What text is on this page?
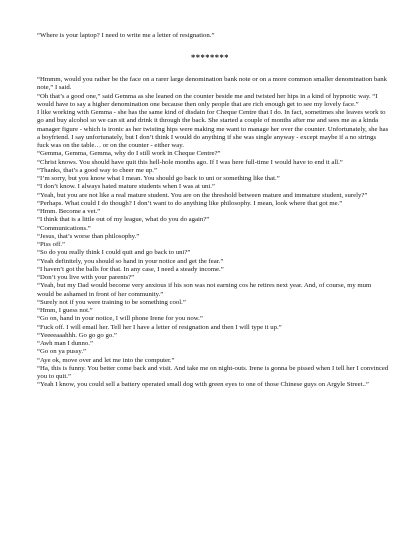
“Where is your laptop? I need to write me a letter of resignation.”

********

“Hmmm, would you rather be the face on a rarer large denomination bank note or on a more common smaller denomination bank note,” I said.

“Oh that’s a good one,” said Gemma as she leaned on the counter beside me and twisted her hips in a kind of hypnotic way. “I would have to say a higher denomination one because then only people that are rich enough get to see my lovely face.”

I like working with Gemma - she has the same kind of disdain for Cheque Centre that I do. In fact, sometimes she leaves work to go and buy alcohol so we can sit and drink it through the back. She started a couple of months after me and sees me as a kinda manager figure - which is ironic as her twisting hips were making me want to manage her over the counter. Unfortunately, she has a boyfriend. I say unfortunately, but I don’t think I would do anything if she was single anyway - except maybe if a no strings fuck was on the table… or on the counter - either way.

“Gemma, Gemma, Gemma, why do I still work in Cheque Centre?”

“Christ knows. You should have quit this hell-hole months ago. If I was here full-time I would have to end it all.”

“Thanks, that’s a good way to cheer me up.”

“I’m sorry, but you know what I mean. You should go back to uni or something like that.”

“I don’t know. I always hated mature students when I was at uni.”

“Yeah, but you are not like a real mature student. You are on the threshold between mature and immature student, surely?”

“Perhaps. What could I do though? I don’t want to do anything like philosophy. I mean, look where that got me.”

“Hmm. Become a vet.”

“I think that is a little out of my league, what do you do again?”

“Communications.”

“Jesus, that’s worse than philosophy.”

“Piss off.”

“So do you really think I could quit and go back to uni?”

“Yeah definitely, you should so hand in your notice and get the fear.”

“I haven’t got the balls for that. In any case, I need a steady income.”

“Don’t you live with your parents?”

“Yeah, but my Dad would become very anxious if his son was not earning cos he retires next year. And, of course, my mum would be ashamed in front of her community.”

“Surely not if you were training to be something cool.”

“Hmm, I guess not.”

“Go on, hand in your notice, I will phone Irene for you now.”

“Fuck off. I will email her. Tell her I have a letter of resignation and then I will type it up.”

“Yeeeeaaahhh. Go go go go.”

“Awh man I dunno.”

“Go on ya pussy.”

“Aye ok, move over and let me into the computer.”

“Ha, this is funny. You better come back and visit. And take me on night-outs. Irene is gonna be pissed when I tell her I convinced you to quit.”

“Yeah I know, you could sell a battery operated small dog with green eyes to one of those Chinese guys on Argyle Street..”
